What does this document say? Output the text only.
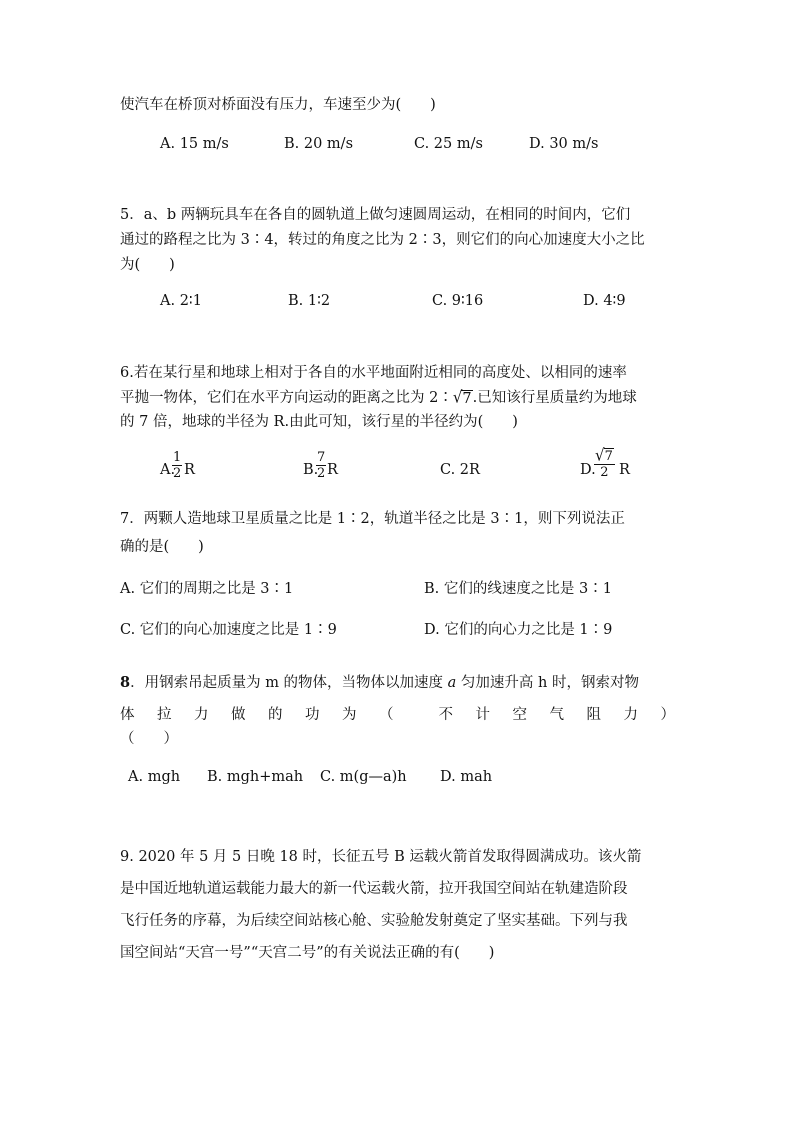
使汽车在桥顶对桥面没有压力，车速至少为(　　)
A. 15 m/s	B. 20 m/s	C. 25 m/s	D. 30 m/s
5．a、b 两辆玩具车在各自的圆轨道上做匀速圆周运动，在相同的时间内，它们
通过的路程之比为 3∶4，转过的角度之比为 2∶3，则它们的向心加速度大小之比
为(　　)
A. 2∶1	B. 1∶2	C. 9∶16	D. 4∶9
6.若在某行星和地球上相对于各自的水平地面附近相同的高度处、以相同的速率
平抛一物体，它们在水平方向运动的距离之比为 2∶ √ 7 .已知该行星质量约为地球
的 7 倍，地球的半径为 R.由此可知，该行星的半径约为(　　)
A.
1
2 R	B.
7
2 R	C. 2R	D.
√ 7
2 R
7．两颗人造地球卫星质量之比是 1∶2，轨道半径之比是 3∶1，则下列说法正
确的是(　　)
A. 它们的周期之比是 3∶1	B. 它们的线速度之比是 3∶1
C. 它们的向心加速度之比是 1∶9	D. 它们的向心力之比是 1∶9
8．用钢索吊起质量为 m 的物体，当物体以加速度 a 匀加速升高 h 时，钢索对物
体 拉 力 做 的 功 为 （	不 计 空 气 阻 力 ）
（　　）
A. mgh B. mgh+mah C. m(g—a)h D. mah
9. 2020 年 5 月 5 日晚 18 时，长征五号 B 运载火箭首发取得圆满成功。该火箭
是中国近地轨道运载能力最大的新一代运载火箭，拉开我国空间站在轨建造阶段
飞行任务的序幕，为后续空间站核心舱、实验舱发射奠定了坚实基础。下列与我
国空间站“天宫一号”“天宫二号”的有关说法正确的有(　　)
